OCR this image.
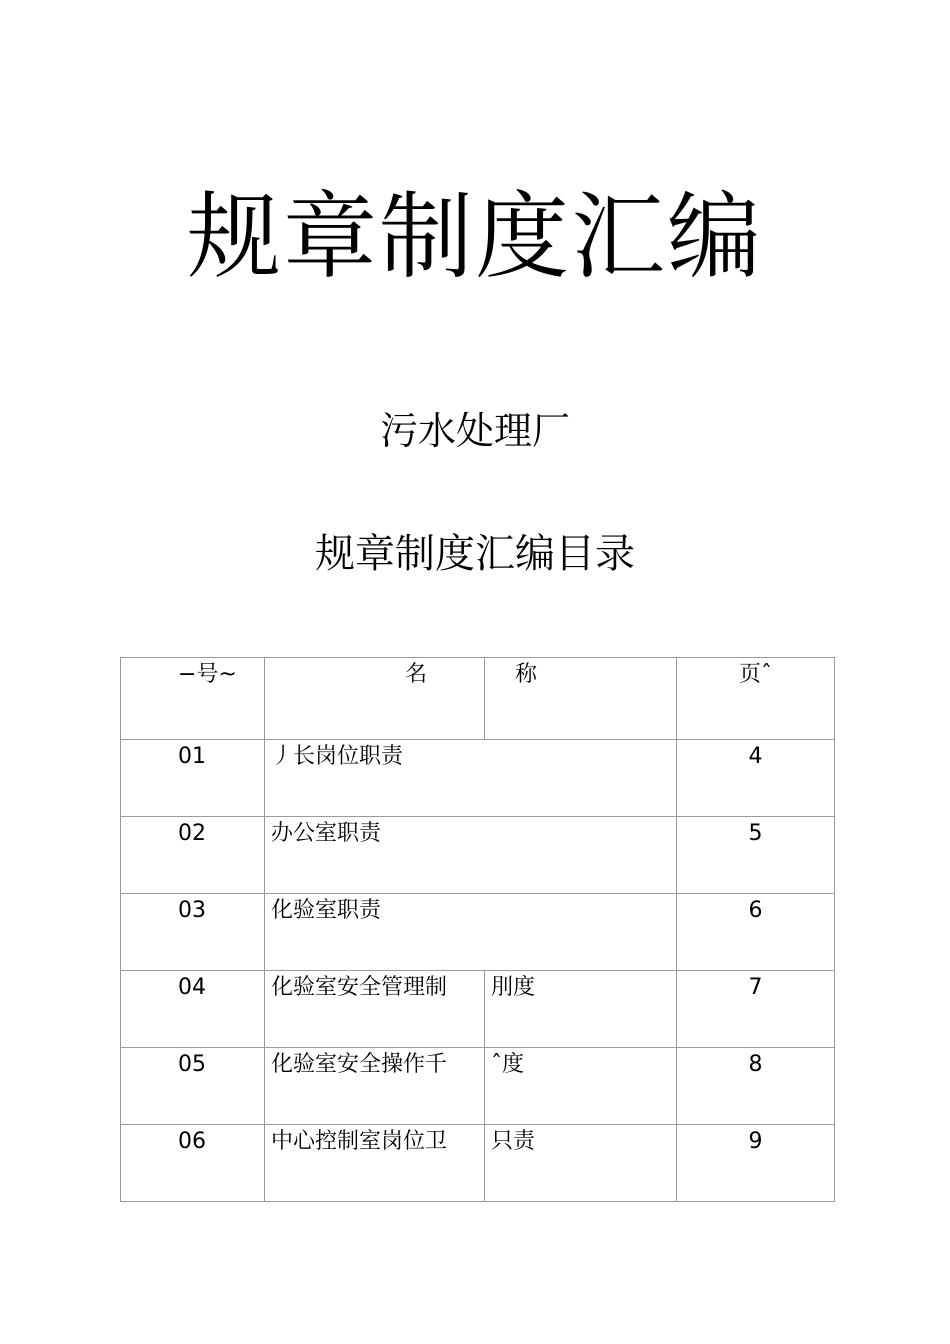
规章制度汇编
污水处理厂
规章制度汇编目录
−号~	名	称	页ˆ
01	丿长岗位职责		4
02	办公室职责		5
03	化验室职责		6
04	化验室安全管理制	刖度	7
05	化验室安全操作千	ˆ度	8
06	中心控制室岗位卫	只责	9
